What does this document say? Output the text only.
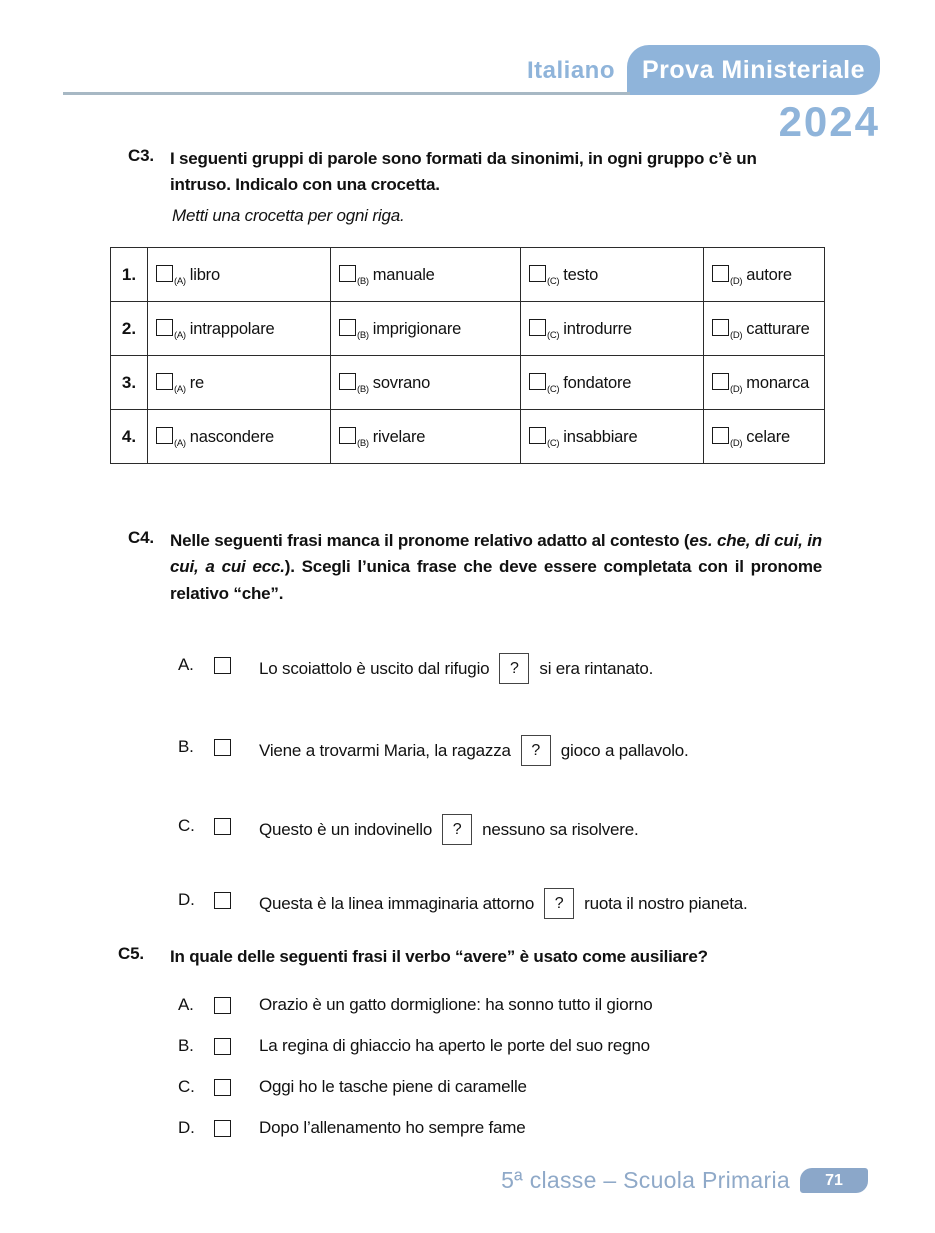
Italiano Prova Ministeriale
2024
C3. I seguenti gruppi di parole sono formati da sinonimi, in ogni gruppo c’è un intruso. Indicalo con una crocetta.
Metti una crocetta per ogni riga.
1.	$_{(A)}$ libro	$_{(B)}$ manuale	$_{(C)}$ testo	$_{(D)}$ autore
2.	$_{(A)}$ intrappolare	$_{(B)}$ imprigionare	$_{(C)}$ introdurre	$_{(D)}$ catturare
3.	$_{(A)}$ re	$_{(B)}$ sovrano	$_{(C)}$ fondatore	$_{(D)}$ monarca
4.	$_{(A)}$ nascondere	$_{(B)}$ rivelare	$_{(C)}$ insabbiare	$_{(D)}$ celare
C4. Nelle seguenti frasi manca il pronome relativo adatto al contesto (es. che, di cui, in cui, a cui ecc.). Scegli l’unica frase che deve essere completata con il pronome relativo “che”.
A.	Lo scoiattolo è uscito dal rifugio ? si era rintanato.
B.	Viene a trovarmi Maria, la ragazza ? gioco a pallavolo.
C.	Questo è un indovinello ? nessuno sa risolvere.
D.	Questa è la linea immaginaria attorno ? ruota il nostro pianeta.
C5.	In quale delle seguenti frasi il verbo “avere” è usato come ausiliare?
A.	Orazio è un gatto dormiglione: ha sonno tutto il giorno
B.	La regina di ghiaccio ha aperto le porte del suo regno
C.	Oggi ho le tasche piene di caramelle
D.	Dopo l’allenamento ho sempre fame
5ª classe – Scuola Primaria 71
